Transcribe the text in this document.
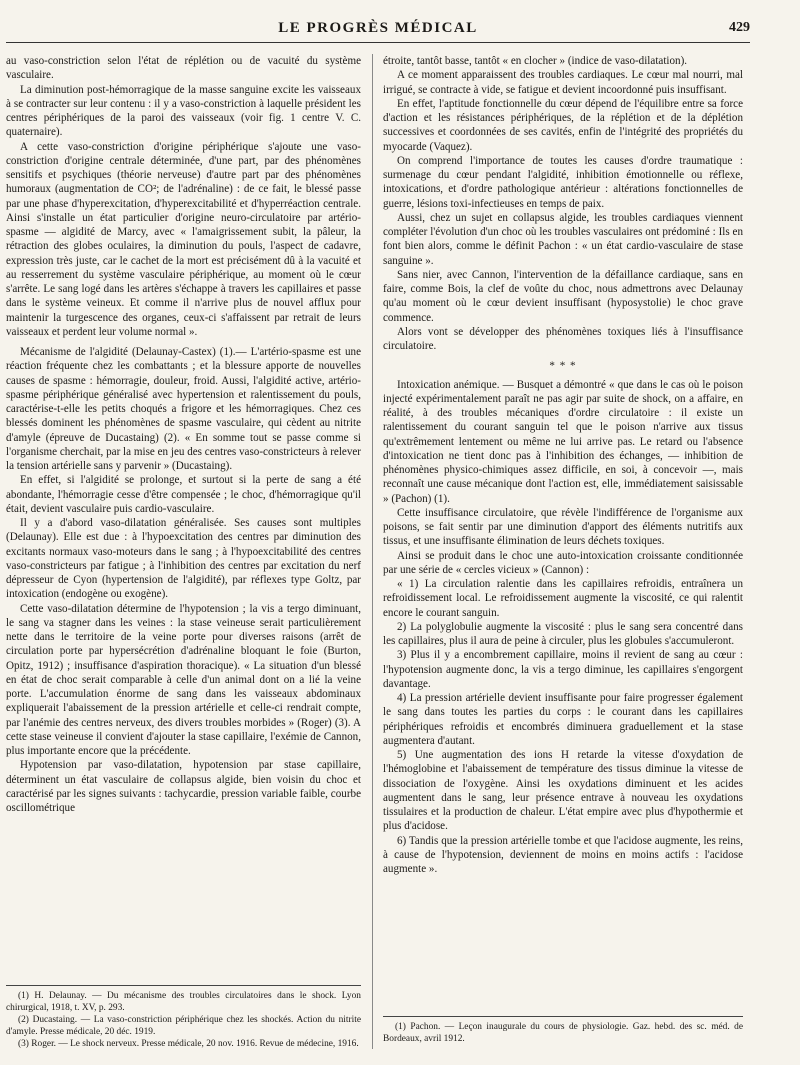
LE PROGRÈS MÉDICAL	429

au vaso-constriction selon l'état de réplétion ou de vacuité du système vasculaire.

La diminution post-hémorragique de la masse sanguine excite les vaisseaux à se contracter sur leur contenu : il y a vaso-constriction à laquelle président les centres périphériques de la paroi des vaisseaux (voir fig. 1 centre V. C. quaternaire).

A cette vaso-constriction d'origine périphérique s'ajoute une vaso-constriction d'origine centrale déterminée, d'une part, par des phénomènes sensitifs et psychiques (théorie nerveuse) d'autre part par des phénomènes humoraux (augmentation de CO²; de l'adrénaline) : de ce fait, le blessé passe par une phase d'hyperexcitation, d'hyperexcitabilité et d'hyperréaction centrale. Ainsi s'installe un état particulier d'origine neuro-circulatoire par artério-spasme — algidité de Marcy, avec « l'amaigrissement subit, la pâleur, la rétraction des globes oculaires, la diminution du pouls, l'aspect de cadavre, expression très juste, car le cachet de la mort est précisément dû à la vacuité et au resserrement du système vasculaire périphérique, au moment où le cœur s'arrête. Le sang logé dans les artères s'échappe à travers les capillaires et passe dans le système veineux. Et comme il n'arrive plus de nouvel afflux pour maintenir la turgescence des organes, ceux-ci s'affaissent par retrait de leurs vaisseaux et perdent leur volume normal ».

Mécanisme de l'algidité (Delaunay-Castex) (1).— L'artério-spasme est une réaction fréquente chez les combattants ; et la blessure apporte de nouvelles causes de spasme : hémorragie, douleur, froid. Aussi, l'algidité active, artério-spasme périphérique généralisé avec hypertension et ralentissement du pouls, caractérise-t-elle les petits choqués a frigore et les hémorragiques. Chez ces blessés dominent les phénomènes de spasme vasculaire, qui cèdent au nitrite d'amyle (épreuve de Ducastaing) (2). « En somme tout se passe comme si l'organisme cherchait, par la mise en jeu des centres vaso-constricteurs à relever la tension artérielle sans y parvenir » (Ducastaing).

En effet, si l'algidité se prolonge, et surtout si la perte de sang a été abondante, l'hémorragie cesse d'être compensée ; le choc, d'hémorragique qu'il était, devient vasculaire puis cardio-vasculaire.

Il y a d'abord vaso-dilatation généralisée. Ses causes sont multiples (Delaunay). Elle est due : à l'hypoexcitation des centres par diminution des excitants normaux vaso-moteurs dans le sang ; à l'hypoexcitabilité des centres vaso-constricteurs par fatigue ; à l'inhibition des centres par excitation du nerf dépresseur de Cyon (hypertension de l'algidité), par réflexes type Goltz, par intoxication (endogène ou exogène).

Cette vaso-dilatation détermine de l'hypotension ; la vis a tergo diminuant, le sang va stagner dans les veines : la stase veineuse serait particulièrement nette dans le territoire de la veine porte pour diverses raisons (arrêt de circulation porte par hypersécrétion d'adrénaline bloquant le foie (Burton, Opitz, 1912) ; insuffisance d'aspiration thoracique). « La situation d'un blessé en état de choc serait comparable à celle d'un animal dont on a lié la veine porte. L'accumulation énorme de sang dans les vaisseaux abdominaux expliquerait l'abaissement de la pression artérielle et celle-ci rendrait compte, par l'anémie des centres nerveux, des divers troubles morbides » (Roger) (3). A cette stase veineuse il convient d'ajouter la stase capillaire, l'exémie de Cannon, plus importante encore que la précédente.

Hypotension par vaso-dilatation, hypotension par stase capillaire, déterminent un état vasculaire de collapsus algide, bien voisin du choc et caractérisé par les signes suivants : tachycardie, pression variable faible, courbe oscillométrique

étroite, tantôt basse, tantôt « en clocher » (indice de vaso-dilatation).

A ce moment apparaissent des troubles cardiaques. Le cœur mal nourri, mal irrigué, se contracte à vide, se fatigue et devient incoordonné puis insuffisant.

En effet, l'aptitude fonctionnelle du cœur dépend de l'équilibre entre sa force d'action et les résistances périphériques, de la réplétion et de la déplétion successives et coordonnées de ses cavités, enfin de l'intégrité des propriétés du myocarde (Vaquez).

On comprend l'importance de toutes les causes d'ordre traumatique : surmenage du cœur pendant l'algidité, inhibition émotionnelle ou réflexe, intoxications, et d'ordre pathologique antérieur : altérations fonctionnelles de guerre, lésions toxi-infectieuses en temps de paix.

Aussi, chez un sujet en collapsus algide, les troubles cardiaques viennent compléter l'évolution d'un choc où les troubles vasculaires ont prédominé : Ils en font bien alors, comme le définit Pachon : « un état cardio-vasculaire de stase sanguine ».

Sans nier, avec Cannon, l'intervention de la défaillance cardiaque, sans en faire, comme Bois, la clef de voûte du choc, nous admettrons avec Delaunay qu'au moment où le cœur devient insuffisant (hyposystolie) le choc grave commence.

Alors vont se développer des phénomènes toxiques liés à l'insuffisance circulatoire.

* * *

Intoxication anémique. — Busquet a démontré « que dans le cas où le poison injecté expérimentalement paraît ne pas agir par suite de shock, on a affaire, en réalité, à des troubles mécaniques d'ordre circulatoire : il existe un ralentissement du courant sanguin tel que le poison n'arrive aux tissus qu'extrêmement lentement ou même ne lui arrive pas. Le retard ou l'absence d'intoxication ne tient donc pas à l'inhibition des échanges, — inhibition de phénomènes physico-chimiques assez difficile, en soi, à concevoir —, mais reconnaît une cause mécanique dont l'action est, elle, immédiatement saisissable » (Pachon) (1).

Cette insuffisance circulatoire, que révèle l'indifférence de l'organisme aux poisons, se fait sentir par une diminution d'apport des éléments nutritifs aux tissus, et une insuffisante élimination de leurs déchets toxiques.

Ainsi se produit dans le choc une auto-intoxication croissante conditionnée par une série de « cercles vicieux » (Cannon) :

« 1) La circulation ralentie dans les capillaires refroidis, entraînera un refroidissement local. Le refroidissement augmente la viscosité, ce qui ralentit encore le courant sanguin.

2) La polyglobulie augmente la viscosité : plus le sang sera concentré dans les capillaires, plus il aura de peine à circuler, plus les globules s'accumuleront.

3) Plus il y a encombrement capillaire, moins il revient de sang au cœur : l'hypotension augmente donc, la vis a tergo diminue, les capillaires s'engorgent davantage.

4) La pression artérielle devient insuffisante pour faire progresser également le sang dans toutes les parties du corps : le courant dans les capillaires périphériques refroidis et encombrés diminuera graduellement et la stase augmentera d'autant.

5) Une augmentation des ions H retarde la vitesse d'oxydation de l'hémoglobine et l'abaissement de température des tissus diminue la vitesse de dissociation de l'oxygène. Ainsi les oxydations diminuent et les acides augmentent dans le sang, leur présence entrave à nouveau les oxydations tissulaires et la production de chaleur. L'état empire avec plus d'hypothermie et plus d'acidose.

6) Tandis que la pression artérielle tombe et que l'acidose augmente, les reins, à cause de l'hypotension, deviennent de moins en moins actifs : l'acidose augmente ».

(1) H. Delaunay. — Du mécanisme des troubles circulatoires dans le shock. Lyon chirurgical, 1918, t. XV, p. 293.

(2) Ducastaing. — La vaso-constriction périphérique chez les shockés. Action du nitrite d'amyle. Presse médicale, 20 déc. 1919.

(3) Roger. — Le shock nerveux. Presse médicale, 20 nov. 1916. Revue de médecine, 1916.

(1) Pachon. — Leçon inaugurale du cours de physiologie. Gaz. hebd. des sc. méd. de Bordeaux, avril 1912.
